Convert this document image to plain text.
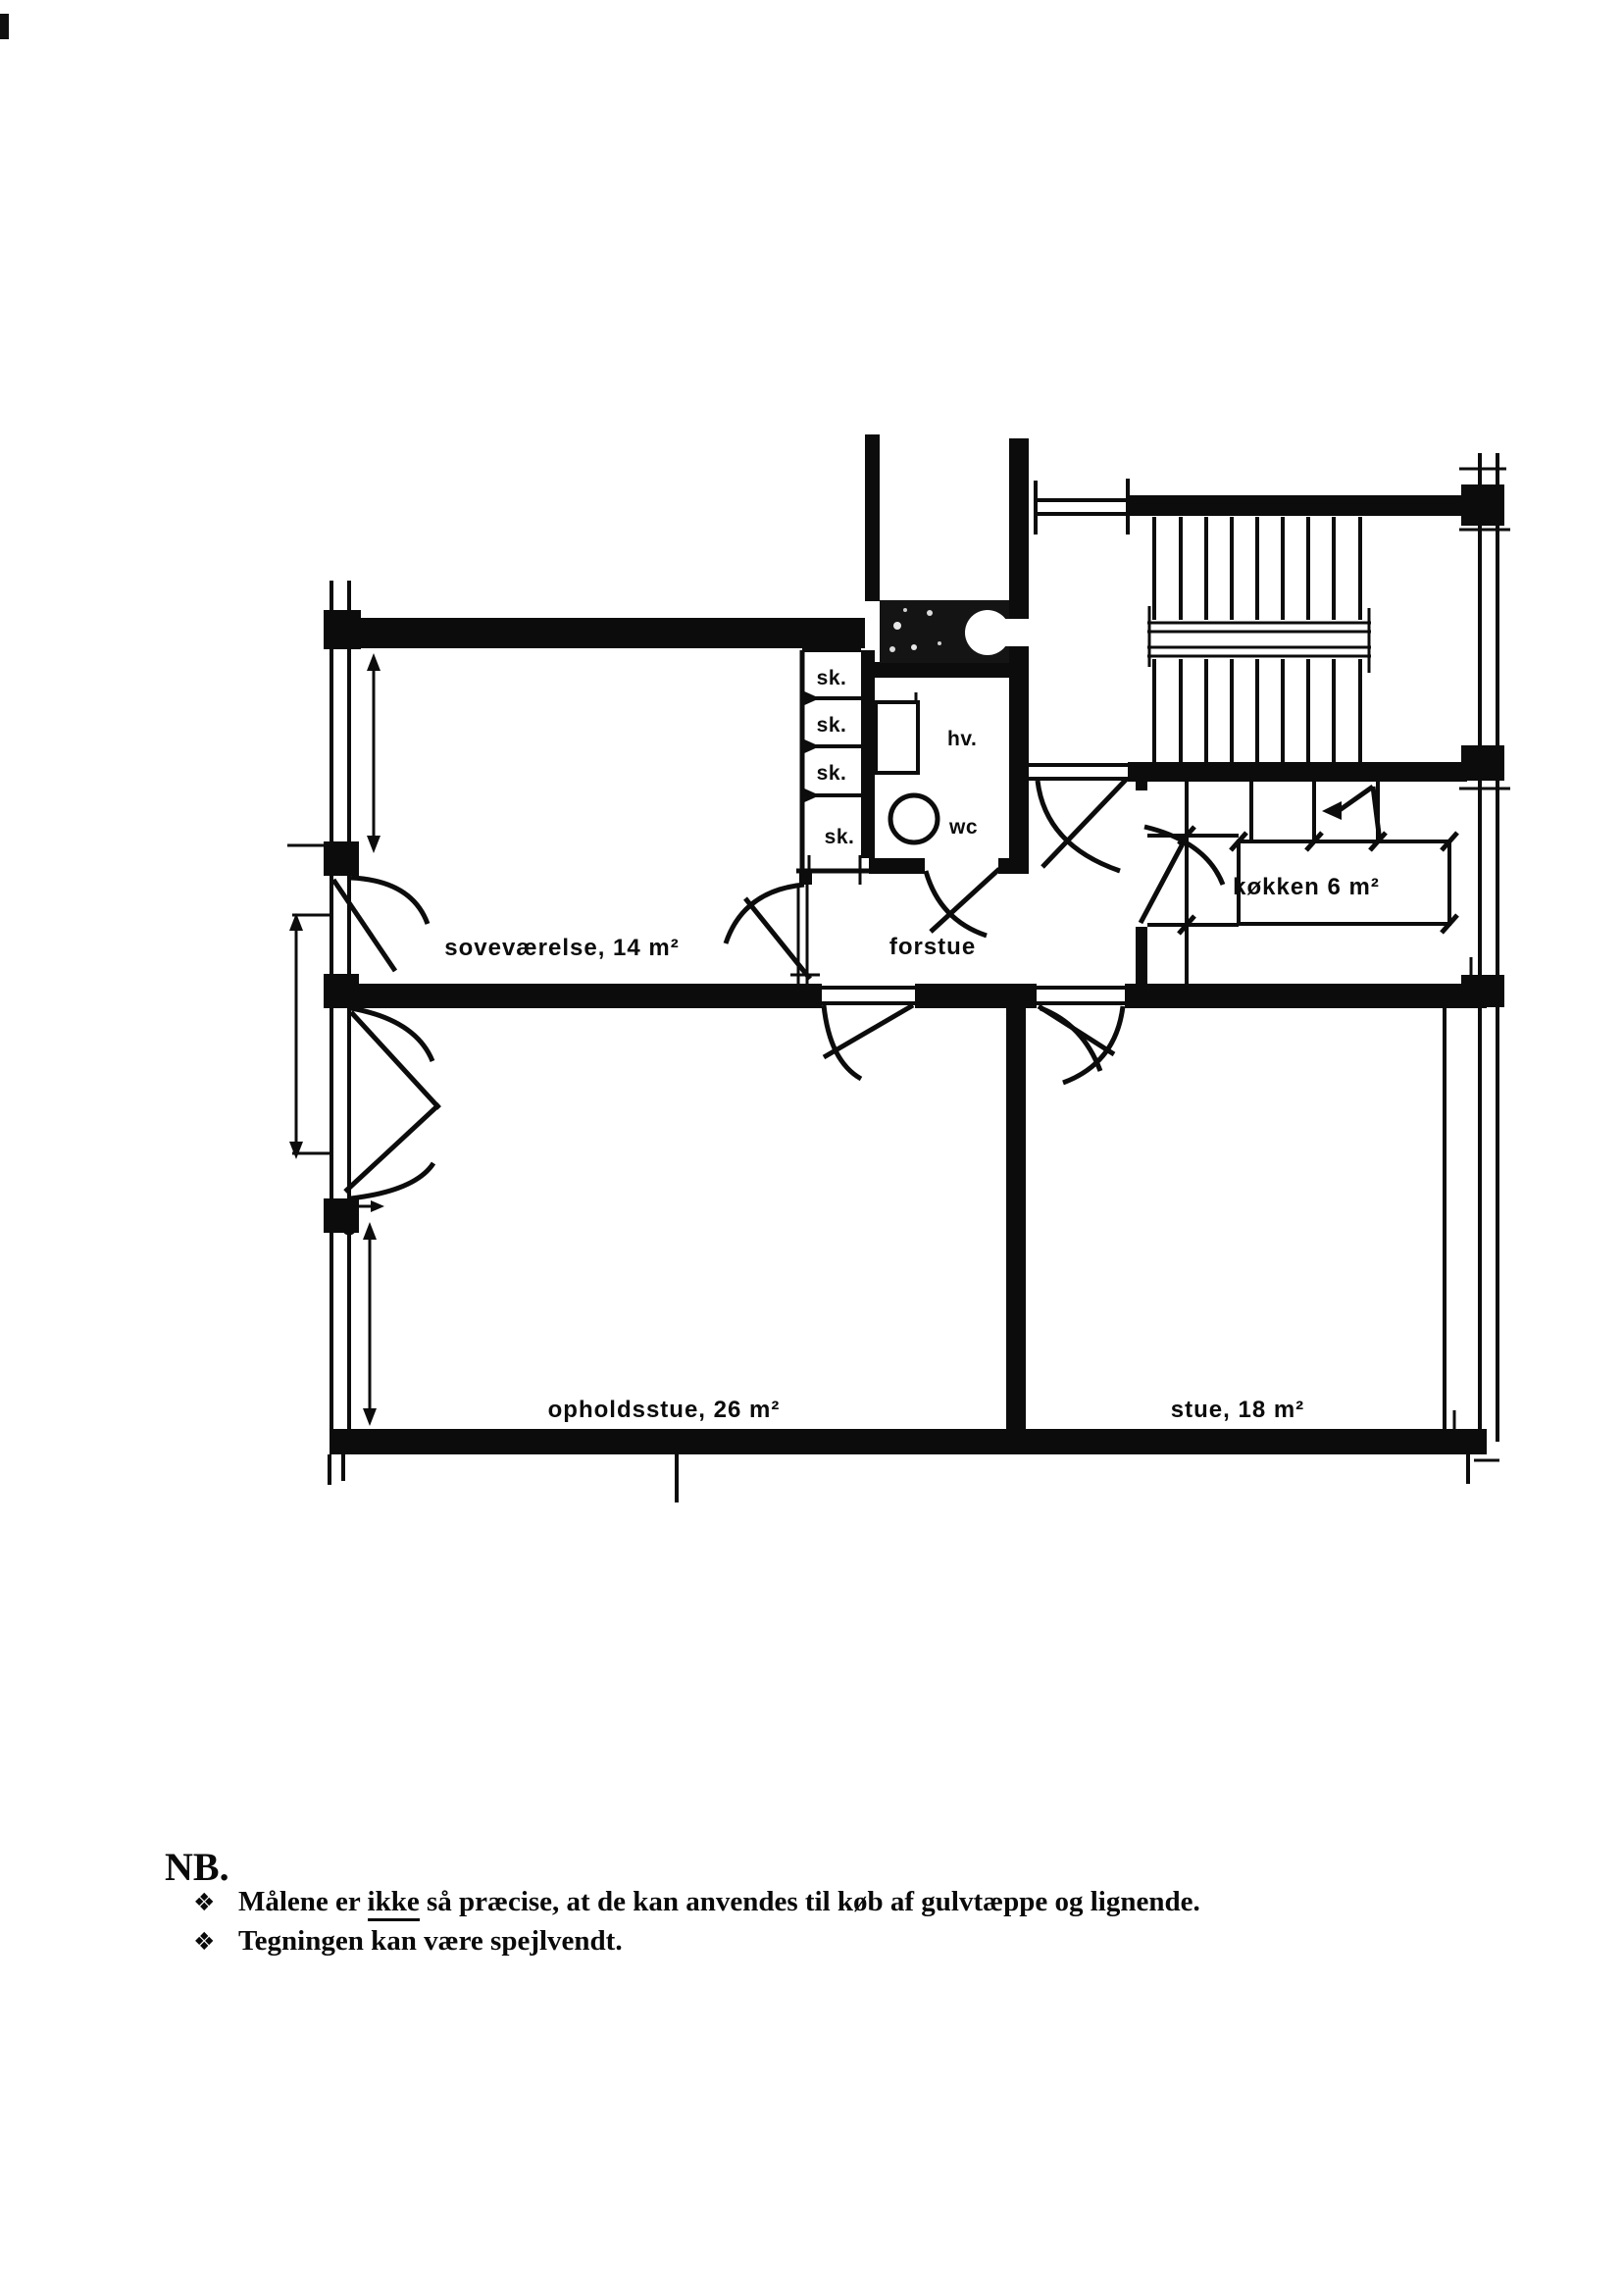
soveværelse, 14 m²	forstue
køkken 6 m²
opholdsstue, 26 m²	stue, 18 m²
sk.
sk.
sk.
sk.
hv.
wc
NB.
❖ Målene er ikke så præcise, at de kan anvendes til køb af gulvtæppe og lignende.
❖ Tegningen kan være spejlvendt.
